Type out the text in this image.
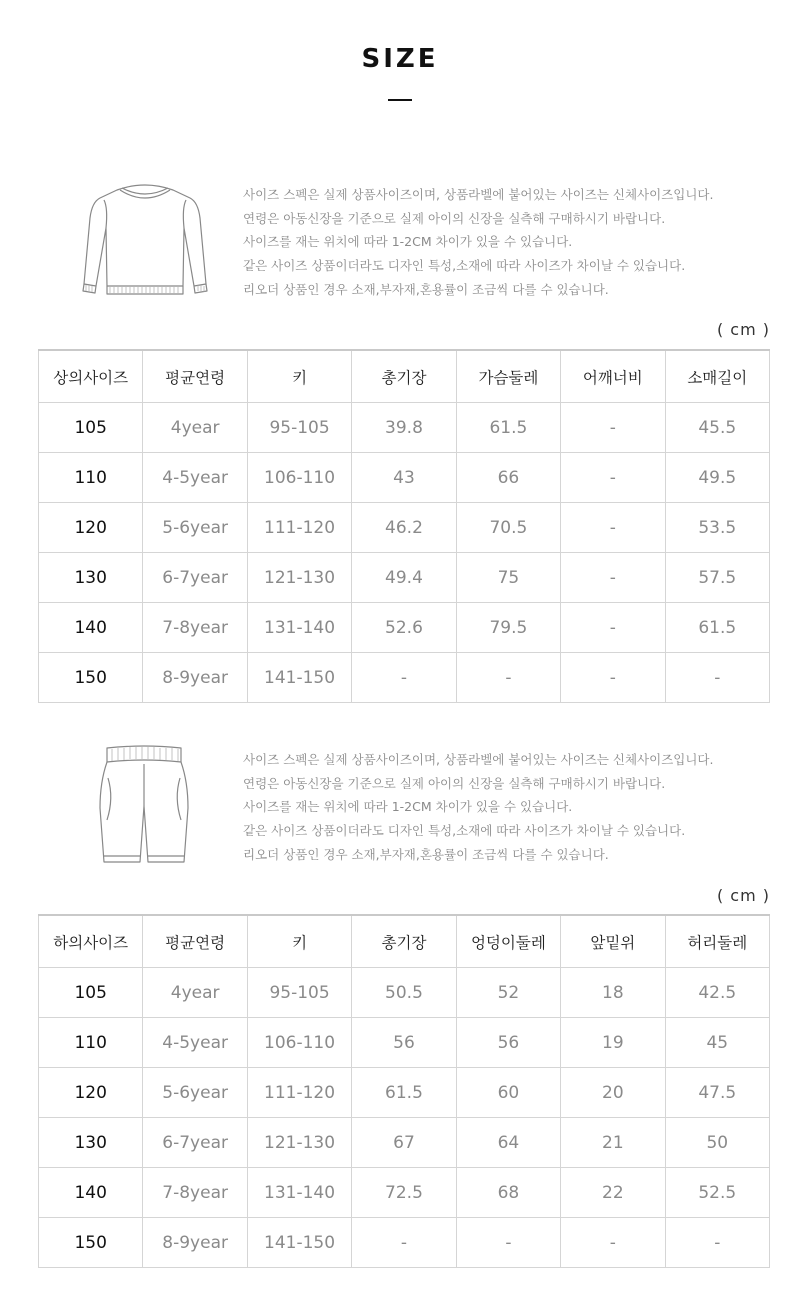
SIZE
사이즈 스펙은 실제 상품사이즈이며, 상품라벨에 붙어있는 사이즈는 신체사이즈입니다.
연령은 아동신장을 기준으로 실제 아이의 신장을 실측해 구매하시기 바랍니다.
사이즈를 재는 위치에 따라 1-2CM 차이가 있을 수 있습니다.
같은 사이즈 상품이더라도 디자인 특성,소재에 따라 사이즈가 차이날 수 있습니다.
리오더 상품인 경우 소재,부자재,혼용률이 조금씩 다를 수 있습니다.
( cm )
상의사이즈	평균연령	키	총기장	가슴둘레	어깨너비	소매길이
105	4year	95-105	39.8	61.5	-	45.5
110	4-5year	106-110	43	66	-	49.5
120	5-6year	111-120	46.2	70.5	-	53.5
130	6-7year	121-130	49.4	75	-	57.5
140	7-8year	131-140	52.6	79.5	-	61.5
150	8-9year	141-150	-	-	-	-
사이즈 스펙은 실제 상품사이즈이며, 상품라벨에 붙어있는 사이즈는 신체사이즈입니다.
연령은 아동신장을 기준으로 실제 아이의 신장을 실측해 구매하시기 바랍니다.
사이즈를 재는 위치에 따라 1-2CM 차이가 있을 수 있습니다.
같은 사이즈 상품이더라도 디자인 특성,소재에 따라 사이즈가 차이날 수 있습니다.
리오더 상품인 경우 소재,부자재,혼용률이 조금씩 다를 수 있습니다.
( cm )
하의사이즈	평균연령	키	총기장	엉덩이둘레	앞밑위	허리둘레
105	4year	95-105	50.5	52	18	42.5
110	4-5year	106-110	56	56	19	45
120	5-6year	111-120	61.5	60	20	47.5
130	6-7year	121-130	67	64	21	50
140	7-8year	131-140	72.5	68	22	52.5
150	8-9year	141-150	-	-	-	-
